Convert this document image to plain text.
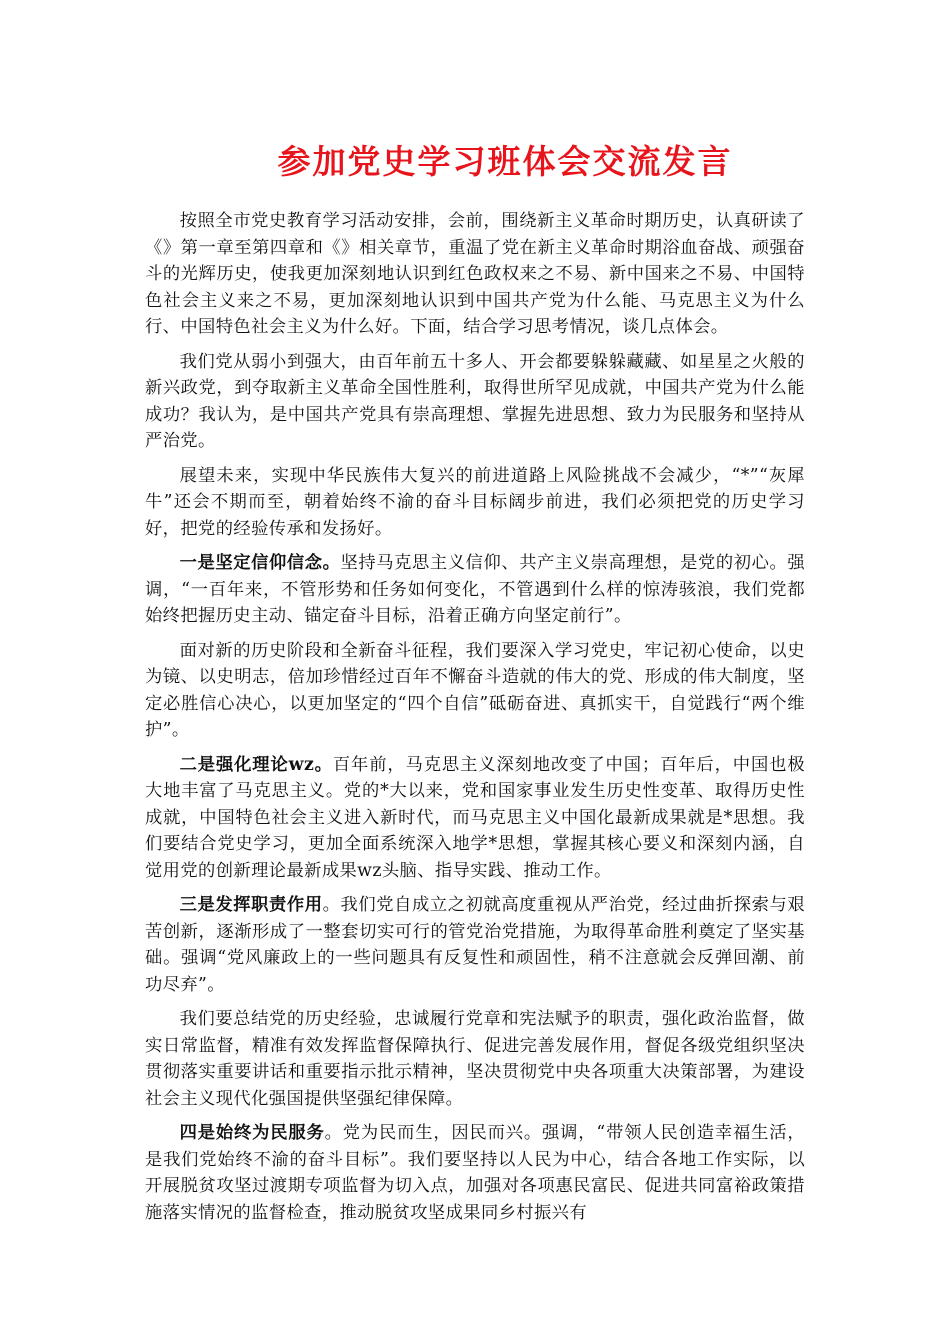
参加党史学习班体会交流发言

按照全市党史教育学习活动安排，会前，围绕新主义革命时期历史，认真研读了《》第一章至第四章和《》相关章节，重温了党在新主义革命时期浴血奋战、顽强奋斗的光辉历史，使我更加深刻地认识到红色政权来之不易、新中国来之不易、中国特色社会主义来之不易，更加深刻地认识到中国共产党为什么能、马克思主义为什么行、中国特色社会主义为什么好。下面，结合学习思考情况，谈几点体会。

我们党从弱小到强大，由百年前五十多人、开会都要躲躲藏藏、如星星之火般的新兴政党，到夺取新主义革命全国性胜利，取得世所罕见成就，中国共产党为什么能成功？我认为，是中国共产党具有崇高理想、掌握先进思想、致力为民服务和坚持从严治党。

展望未来，实现中华民族伟大复兴的前进道路上风险挑战不会减少，“*”“灰犀牛”还会不期而至，朝着始终不渝的奋斗目标阔步前进，我们必须把党的历史学习好，把党的经验传承和发扬好。

一是坚定信仰信念。坚持马克思主义信仰、共产主义崇高理想，是党的初心。强调，“一百年来，不管形势和任务如何变化，不管遇到什么样的惊涛骇浪，我们党都始终把握历史主动、锚定奋斗目标，沿着正确方向坚定前行”。

面对新的历史阶段和全新奋斗征程，我们要深入学习党史，牢记初心使命，以史为镜、以史明志，倍加珍惜经过百年不懈奋斗造就的伟大的党、形成的伟大制度，坚定必胜信心决心，以更加坚定的“四个自信”砥砺奋进、真抓实干，自觉践行“两个维护”。

二是强化理论wz。百年前，马克思主义深刻地改变了中国；百年后，中国也极大地丰富了马克思主义。党的*大以来，党和国家事业发生历史性变革、取得历史性成就，中国特色社会主义进入新时代，而马克思主义中国化最新成果就是*思想。我们要结合党史学习，更加全面系统深入地学*思想，掌握其核心要义和深刻内涵，自觉用党的创新理论最新成果wz头脑、指导实践、推动工作。

三是发挥职责作用。我们党自成立之初就高度重视从严治党，经过曲折探索与艰苦创新，逐渐形成了一整套切实可行的管党治党措施，为取得革命胜利奠定了坚实基础。强调“党风廉政上的一些问题具有反复性和顽固性，稍不注意就会反弹回潮、前功尽弃”。

我们要总结党的历史经验，忠诚履行党章和宪法赋予的职责，强化政治监督，做实日常监督，精准有效发挥监督保障执行、促进完善发展作用，督促各级党组织坚决贯彻落实重要讲话和重要指示批示精神，坚决贯彻党中央各项重大决策部署，为建设社会主义现代化强国提供坚强纪律保障。

四是始终为民服务。党为民而生，因民而兴。强调，“带领人民创造幸福生活，是我们党始终不渝的奋斗目标”。我们要坚持以人民为中心，结合各地工作实际，以开展脱贫攻坚过渡期专项监督为切入点，加强对各项惠民富民、促进共同富裕政策措施落实情况的监督检查，推动脱贫攻坚成果同乡村振兴有
